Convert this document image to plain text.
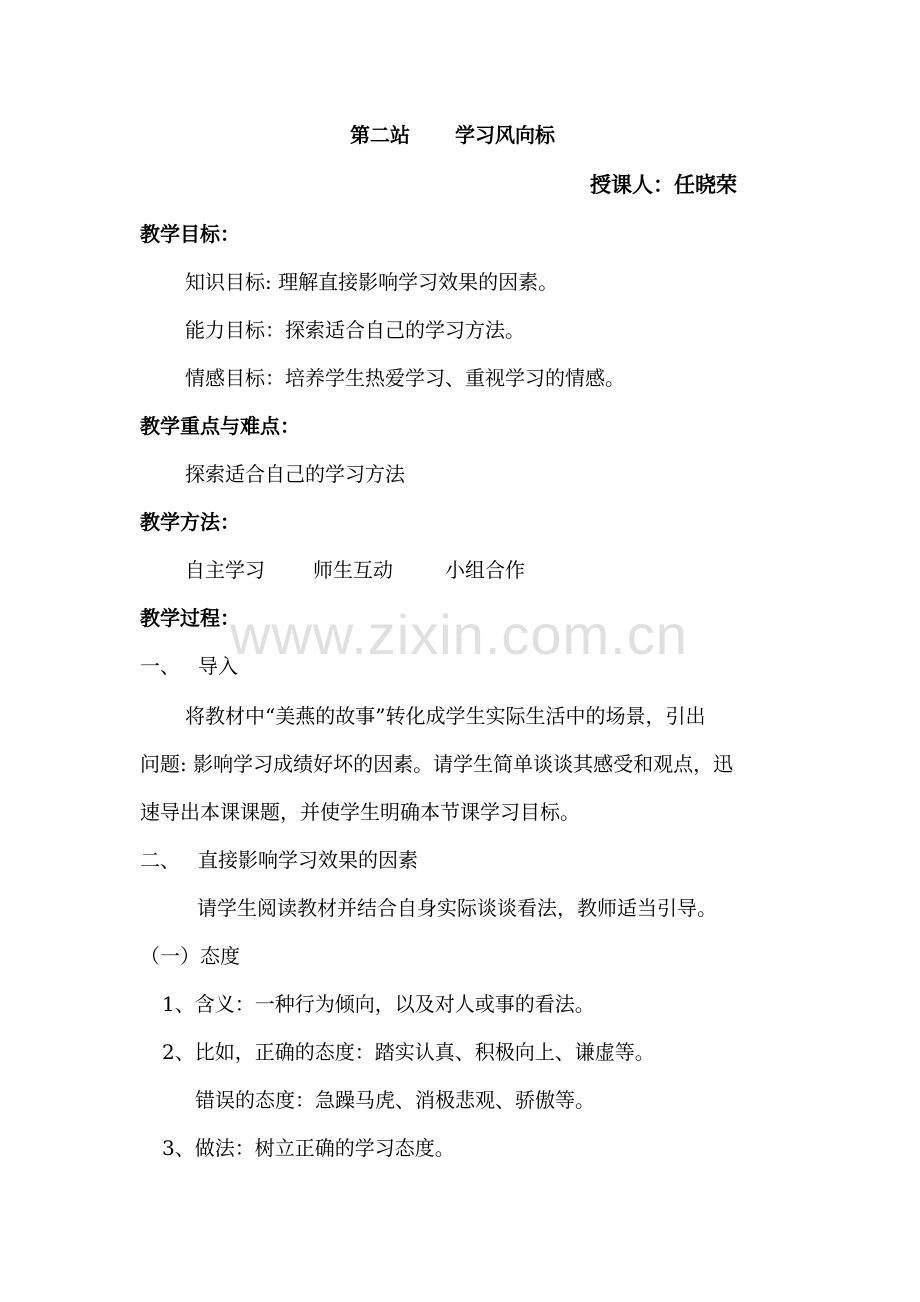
www.zixin.com.cn
第二站 学习风向标
授课人：任晓荣
教学目标：
知识目标: 理解直接影响学习效果的因素。
能力目标：探索适合自己的学习方法。
情感目标：培养学生热爱学习、重视学习的情感。
教学重点与难点：
探索适合自己的学习方法
教学方法：
自主学习 师生互动	小组合作
教学过程：
一、 导入
将教材中“美燕的故事”转化成学生实际生活中的场景，引出
问题: 影响学习成绩好坏的因素。请学生简单谈谈其感受和观点，迅
速导出本课课题，并使学生明确本节课学习目标。
二、 直接影响学习效果的因素
请学生阅读教材并结合自身实际谈谈看法，教师适当引导。
（一）态度
1、含义：一种行为倾向，以及对人或事的看法。
2、比如，正确的态度：踏实认真、积极向上、谦虚等。
错误的态度：急躁马虎、消极悲观、骄傲等。
3、做法：树立正确的学习态度。
